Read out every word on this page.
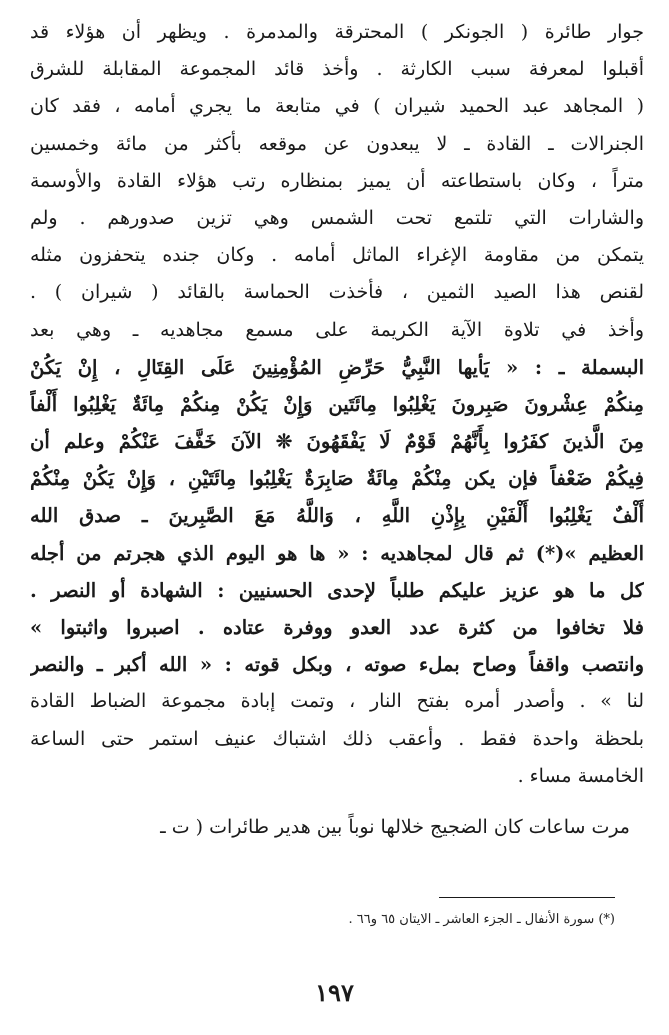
جوار طائرة ( الجونكر ) المحترقة والمدمرة . ويظهر أن هؤلاء قد
أقبلوا لمعرفة سبب الكارثة . وأخذ قائد المجموعة المقابلة للشرق
( المجاهد عبد الحميد شيران ) في متابعة ما يجري أمامه ، فقد كان
الجنرالات ـ القادة ـ لا يبعدون عن موقعه بأكثر من مائة وخمسين
متراً ، وكان باستطاعته أن يميز بمنظاره رتب هؤلاء القادة والأوسمة
والشارات التي تلتمع تحت الشمس وهي تزين صدورهم . ولم
يتمكن من مقاومة الإغراء الماثل أمامه . وكان جنده يتحفزون مثله
لقنص هذا الصيد الثمين ، فأخذت الحماسة بالقائد ( شيران ) .
وأخذ في تلاوة الآية الكريمة على مسمع مجاهديه ـ وهي بعد
البسملة ـ : « يَأيها النَّبِيُّ حَرِّضِ المُؤْمِنِينَ عَلَى القِتَالِ ، إِنْ يَكُنْ
مِنكُمْ عِشْرونَ صَبِرونَ يَغْلِبُوا مِائَتَين وَإِنْ يَكُنْ مِنكُمْ مِائَةٌ يَغْلِبُوا أَلْفاً
مِنَ الَّذينَ كفَرُوا بِأَنَّهُمْ قَوْمٌ لَا يَفْقَهُونَ ❊ الآنَ خَفَّفَ عَنْكُمْ وعلم أن
فِيكُمْ ضَعْفاً فإن يكن مِنْكُمْ مِائَةٌ صَابِرَةٌ يَغْلِبُوا مِائَتَيْنِ ، وَإِنْ يَكُنْ مِنْكُمْ
أَلْفٌ يَغْلِبُوا أَلْفَيْنِ بِإِذْنِ اللَّهِ ، وَاللَّهُ مَعَ الصَّبِرينَ ـ صدق الله
العظيم »(*) ثم قال لمجاهديه : « ها هو اليوم الذي هجرتم من أجله
كل ما هو عزيز عليكم طلباً لإحدى الحسنيين : الشهادة أو النصر .
فلا تخافوا من كثرة عدد العدو ووفرة عتاده . اصبروا واثبتوا »
وانتصب واقفاً وصاح بملء صوته ، وبكل قوته : « الله أكبر ـ والنصر
لنا » . وأصدر أمره بفتح النار ، وتمت إبادة مجموعة الضباط القادة
بلحظة واحدة فقط . وأعقب ذلك اشتباك عنيف استمر حتى الساعة
الخامسة مساء .
مرت ساعات كان الضجيج خلالها نوباً بين هدير طائرات ( ت ـ
(*) سورة الأنفال ـ الجزء العاشر ـ الايتان ٦٥ و٦٦ .
١٩٧
